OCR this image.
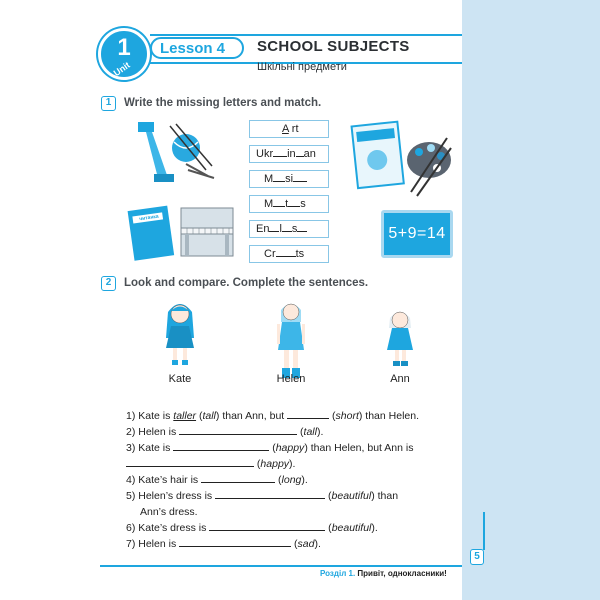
1
Unit
Lesson 4 SCHOOL SUBJECTS
Шкільні предмети
1	Write the missing letters and match.
читанка
5+9=14
A rt
Ukr in an
M si
M t s
En l s
Cr ts
2	Look and compare. Complete the sentences.
Kate	Helen	Ann
1) Kate is taller (tall) than Ann, but	(short) than Helen.
2) Helen is	(tall).
3) Kate is	(happy) than Helen, but Ann is
(happy).
4) Kate’s hair is	(long).
5) Helen’s dress is	(beautiful) than
Ann’s dress.
6) Kate’s dress is	(beautiful).
7) Helen is	(sad).
5
Розділ 1. Привіт, однокласники!
